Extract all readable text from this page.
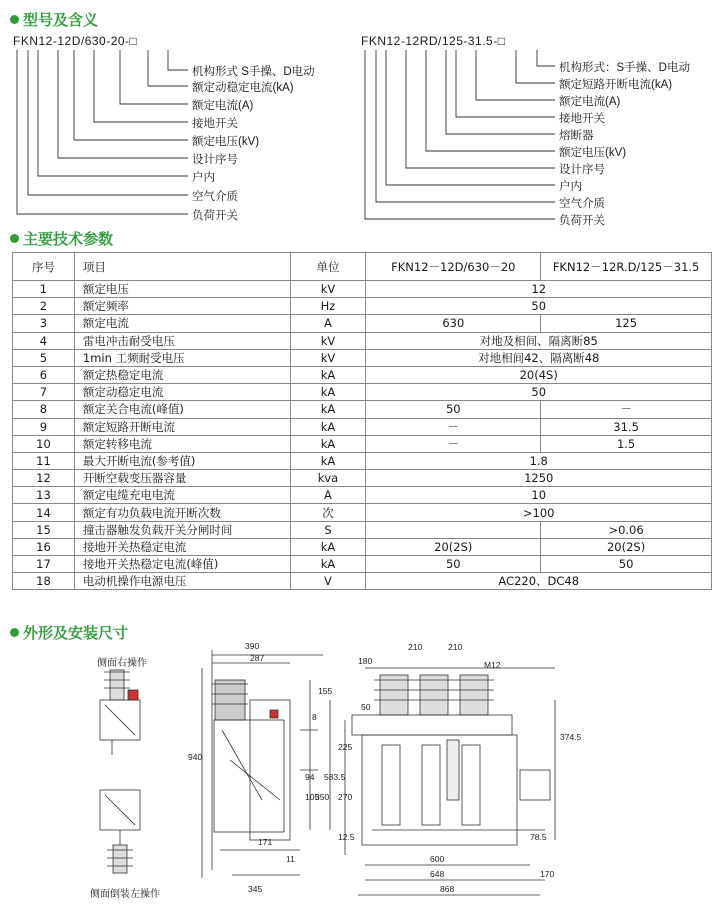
型号及含义
主要技术参数
外形及安装尺寸
FKN12-12D/630-20-□
机构形式 S手操、D电动
额定动稳定电流(kA)
额定电流(A)
接地开关
额定电压(kV)
设计序号
户内
空气介质
负荷开关
FKN12-12RD/125-31.5-□
机构形式：S手操、D电动
额定短路开断电流(kA)
额定电流(A)
接地开关
熔断器
额定电压(kV)
设计序号
户内
空气介质
负荷开关
序号	项目	单位	FKN12－12D/630－20	FKN12－12R.D/125－31.5
1	额定电压	kV	12	
2	额定频率	Hz	50	
3	额定电流	A	630	125
4	雷电冲击耐受电压	kV	对地及相间、隔离断85	
5	1min 工频耐受电压	kV	对地相间42、隔离断48	
6	额定热稳定电流	kA	20(4S)	
7	额定动稳定电流	kA	50	
8	额定关合电流(峰值)	kA	50	－
9	额定短路开断电流	kA	－	31.5
10	额定转移电流	kA	－	1.5
11	最大开断电流(参考值)	kA	1.8	
12	开断空载变压器容量	kva	1250	
13	额定电缆充电电流	A	10	
14	额定有功负载电流开断次数	次	>100	
15	撞击器触发负载开关分闸时间	S		>0.06
16	接地开关热稳定电流	kA	20(2S)	20(2S)
17	接地开关热稳定电流(峰值)	kA	50	50
18	电动机操作电源电压	V	AC220、DC48	
侧面右操作
侧面倒装左操作
390
287
155
8
940
105
94
350
171
11
345
180
210	210
M12
50
225
583.5
270
374.5
12.5	78.5
600
648	170
868
